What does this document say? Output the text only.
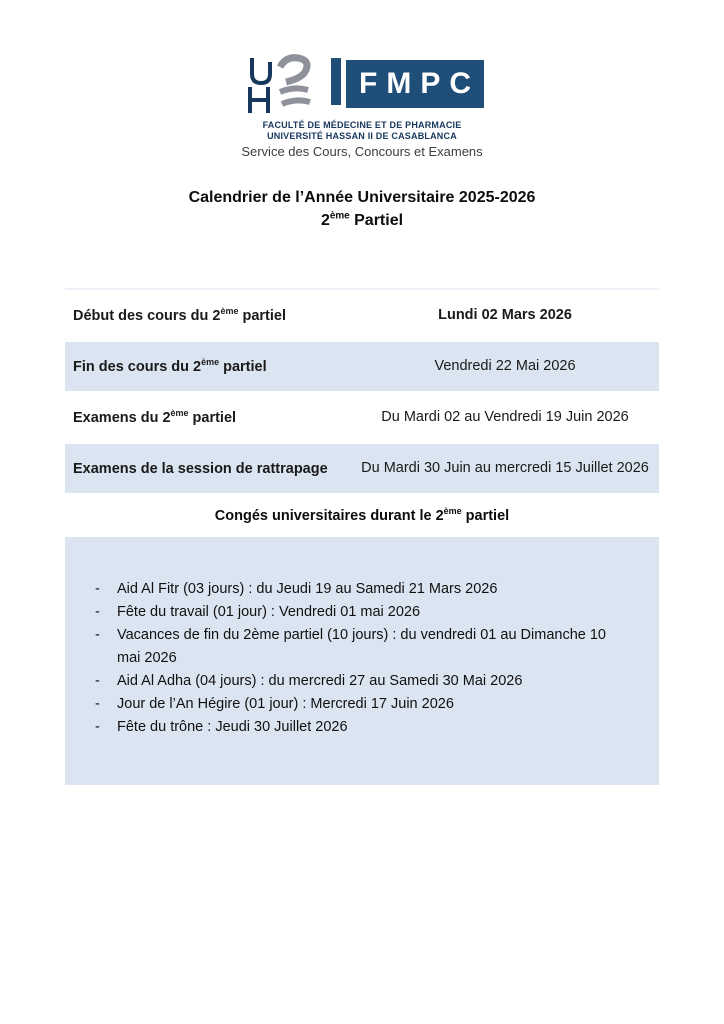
FMPC
FACULTÉ DE MÉDECINE ET DE PHARMACIE
UNIVERSITÉ HASSAN II DE CASABLANCA
Service des Cours, Concours et Examens
Calendrier de l’Année Universitaire 2025-2026
2ème Partiel
Début des cours du 2ème partiel	Lundi 02 Mars 2026
Fin des cours du 2ème partiel	Vendredi 22 Mai 2026
Examens du 2ème partiel	Du Mardi 02 au Vendredi 19 Juin 2026
Examens de la session de rattrapage	Du Mardi 30 Juin au mercredi 15 Juillet 2026
Congés universitaires durant le 2ème partiel
- Aid Al Fitr (03 jours) : du Jeudi 19 au Samedi 21 Mars 2026
- Fête du travail (01 jour) : Vendredi 01 mai 2026
- Vacances de fin du 2ème partiel (10 jours) : du vendredi 01 au Dimanche 10 mai 2026
- Aid Al Adha (04 jours) : du mercredi 27 au Samedi 30 Mai 2026
- Jour de l’An Hégire (01 jour) : Mercredi 17 Juin 2026
- Fête du trône : Jeudi 30 Juillet 2026
